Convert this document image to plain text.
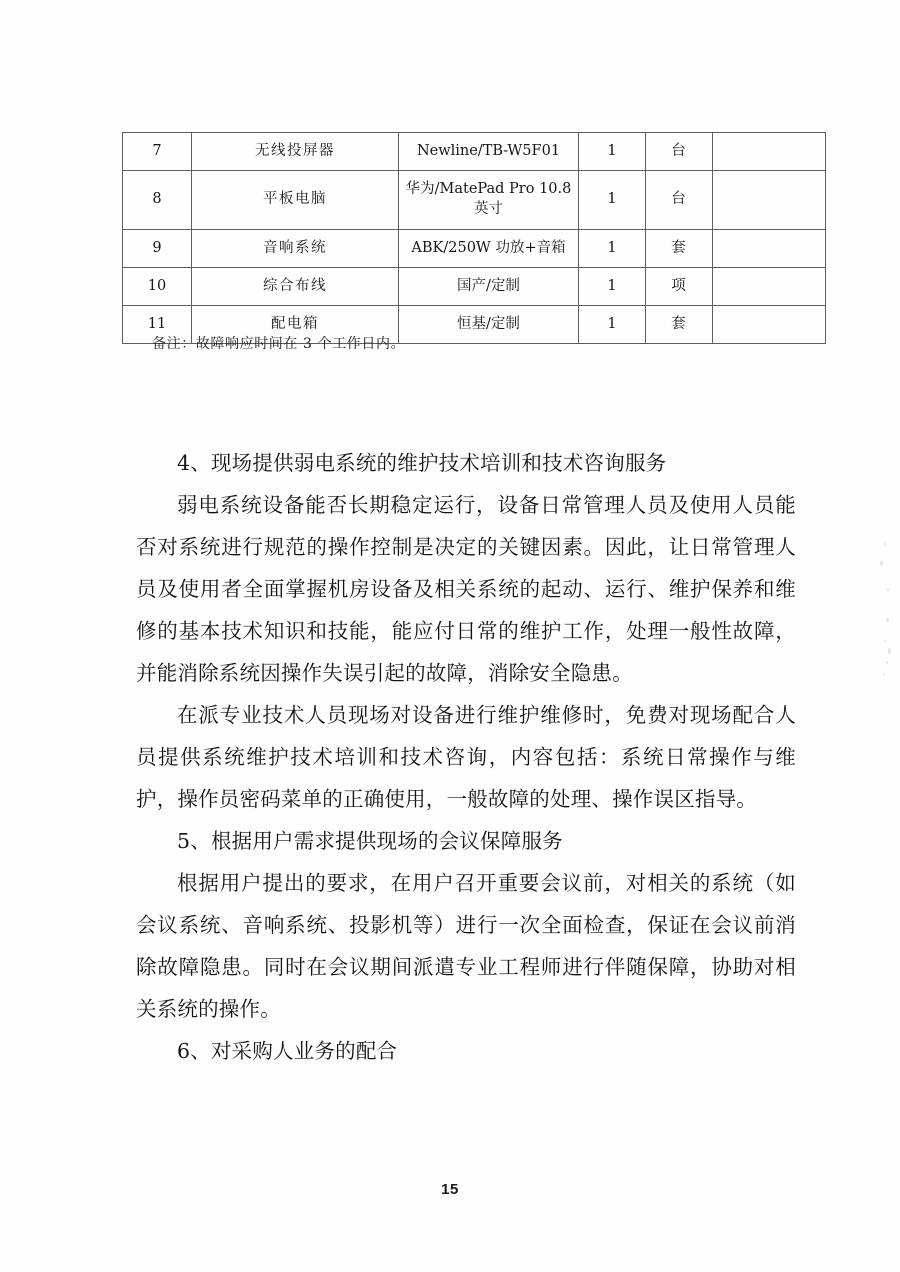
7	无线投屏器	Newline/TB-W5F01	1	台	
8	平板电脑	华为/MatePad Pro 10.8 英寸	1	台	
9	音响系统	ABK/250W 功放+音箱	1	套	
10	综合布线	国产/定制	1	项	
11	配电箱	恒基/定制	1	套	
备注：故障响应时间在 3 个工作日内。

4、现场提供弱电系统的维护技术培训和技术咨询服务

弱电系统设备能否长期稳定运行，设备日常管理人员及使用人员能否对系统进行规范的操作控制是决定的关键因素。因此，让日常管理人员及使用者全面掌握机房设备及相关系统的起动、运行、维护保养和维修的基本技术知识和技能，能应付日常的维护工作，处理一般性故障，并能消除系统因操作失误引起的故障，消除安全隐患。

在派专业技术人员现场对设备进行维护维修时，免费对现场配合人员提供系统维护技术培训和技术咨询，内容包括：系统日常操作与维护，操作员密码菜单的正确使用，一般故障的处理、操作误区指导。

5、根据用户需求提供现场的会议保障服务

根据用户提出的要求，在用户召开重要会议前，对相关的系统（如会议系统、音响系统、投影机等）进行一次全面检查，保证在会议前消除故障隐患。同时在会议期间派遣专业工程师进行伴随保障，协助对相关系统的操作。

6、对采购人业务的配合

15
